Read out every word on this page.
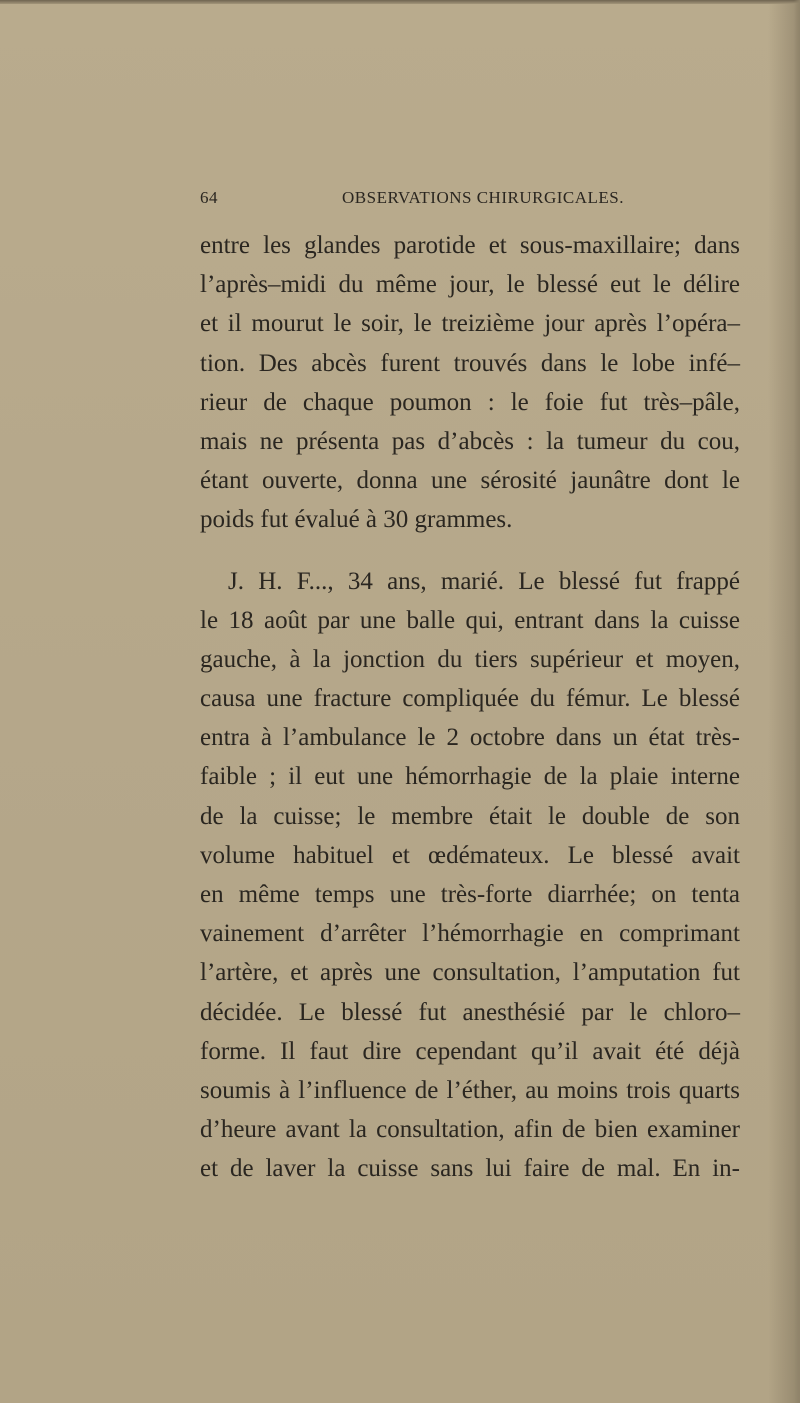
64	OBSERVATIONS CHIRURGICALES.
entre les glandes parotide et sous-maxillaire; dans
l’après–midi du même jour, le blessé eut le délire
et il mourut le soir, le treizième jour après l’opéra–
tion. Des abcès furent trouvés dans le lobe infé–
rieur de chaque poumon : le foie fut très–pâle,
mais ne présenta pas d’abcès : la tumeur du cou,
étant ouverte, donna une sérosité jaunâtre dont le
poids fut évalué à 30 grammes.
J. H. F..., 34 ans, marié. Le blessé fut frappé
le 18 août par une balle qui, entrant dans la cuisse
gauche, à la jonction du tiers supérieur et moyen,
causa une fracture compliquée du fémur. Le blessé
entra à l’ambulance le 2 octobre dans un état très-
faible ; il eut une hémorrhagie de la plaie interne
de la cuisse; le membre était le double de son
volume habituel et œdémateux. Le blessé avait
en même temps une très-forte diarrhée; on tenta
vainement d’arrêter l’hémorrhagie en comprimant
l’artère, et après une consultation, l’amputation fut
décidée. Le blessé fut anesthésié par le chloro–
forme. Il faut dire cependant qu’il avait été déjà
soumis à l’influence de l’éther, au moins trois quarts
d’heure avant la consultation, afin de bien examiner
et de laver la cuisse sans lui faire de mal. En in-
